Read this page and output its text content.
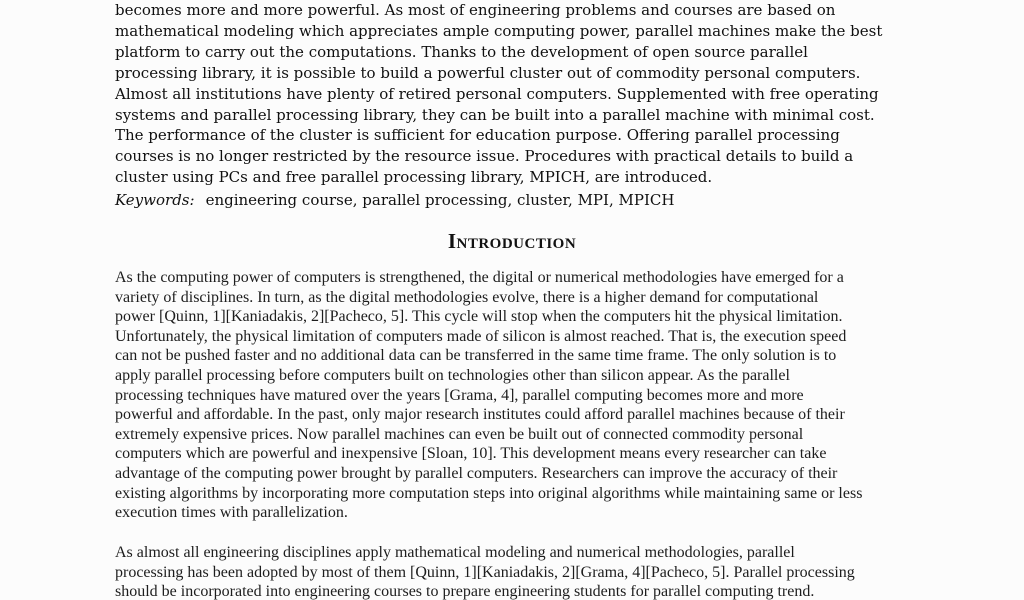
becomes more and more powerful. As most of engineering problems and courses are based on
mathematical modeling which appreciates ample computing power, parallel machines make the best
platform to carry out the computations. Thanks to the development of open source parallel
processing library, it is possible to build a powerful cluster out of commodity personal computers.
Almost all institutions have plenty of retired personal computers. Supplemented with free operating
systems and parallel processing library, they can be built into a parallel machine with minimal cost.
The performance of the cluster is sufficient for education purpose. Offering parallel processing
courses is no longer restricted by the resource issue. Procedures with practical details to build a
cluster using PCs and free parallel processing library, MPICH, are introduced.
Keywords: engineering course, parallel processing, cluster, MPI, MPICH
Introduction
As the computing power of computers is strengthened, the digital or numerical methodologies have emerged for a
variety of disciplines. In turn, as the digital methodologies evolve, there is a higher demand for computational
power [Quinn, 1][Kaniadakis, 2][Pacheco, 5]. This cycle will stop when the computers hit the physical limitation.
Unfortunately, the physical limitation of computers made of silicon is almost reached. That is, the execution speed
can not be pushed faster and no additional data can be transferred in the same time frame. The only solution is to
apply parallel processing before computers built on technologies other than silicon appear. As the parallel
processing techniques have matured over the years [Grama, 4], parallel computing becomes more and more
powerful and affordable. In the past, only major research institutes could afford parallel machines because of their
extremely expensive prices. Now parallel machines can even be built out of connected commodity personal
computers which are powerful and inexpensive [Sloan, 10]. This development means every researcher can take
advantage of the computing power brought by parallel computers. Researchers can improve the accuracy of their
existing algorithms by incorporating more computation steps into original algorithms while maintaining same or less
execution times with parallelization.
As almost all engineering disciplines apply mathematical modeling and numerical methodologies, parallel
processing has been adopted by most of them [Quinn, 1][Kaniadakis, 2][Grama, 4][Pacheco, 5]. Parallel processing
should be incorporated into engineering courses to prepare engineering students for parallel computing trend.
